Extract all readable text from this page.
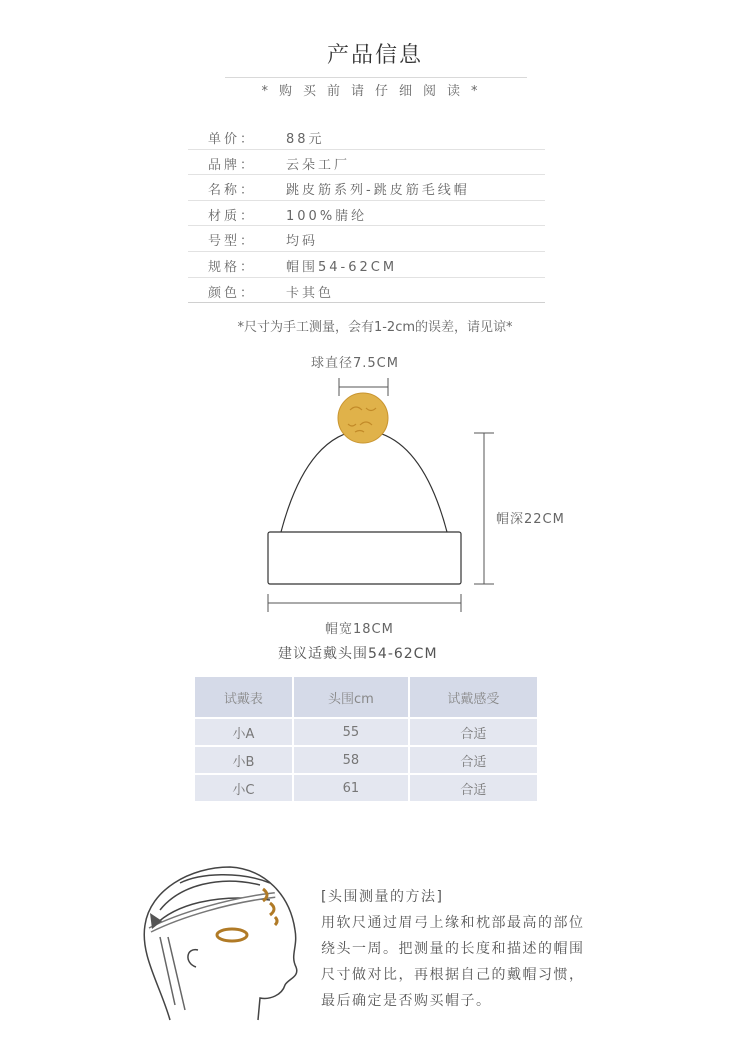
产品信息
*购买前请仔细阅读*
单价： 88元
品牌： 云朵工厂
名称： 跳皮筋系列-跳皮筋毛线帽
材质： 100%腈纶
号型： 均码
规格： 帽围54-62CM
颜色： 卡其色
*尺寸为手工测量，会有1-2cm的误差，请见谅*
球直径7.5CM
帽深22CM
帽宽18CM
建议适戴头围54-62CM
试戴表	头围cm	试戴感受
小A	55	合适
小B	58	合适
小C	61	合适
[头围测量的方法]
用软尺通过眉弓上缘和枕部最高的部位
绕头一周。把测量的长度和描述的帽围
尺寸做对比，再根据自己的戴帽习惯，
最后确定是否购买帽子。
